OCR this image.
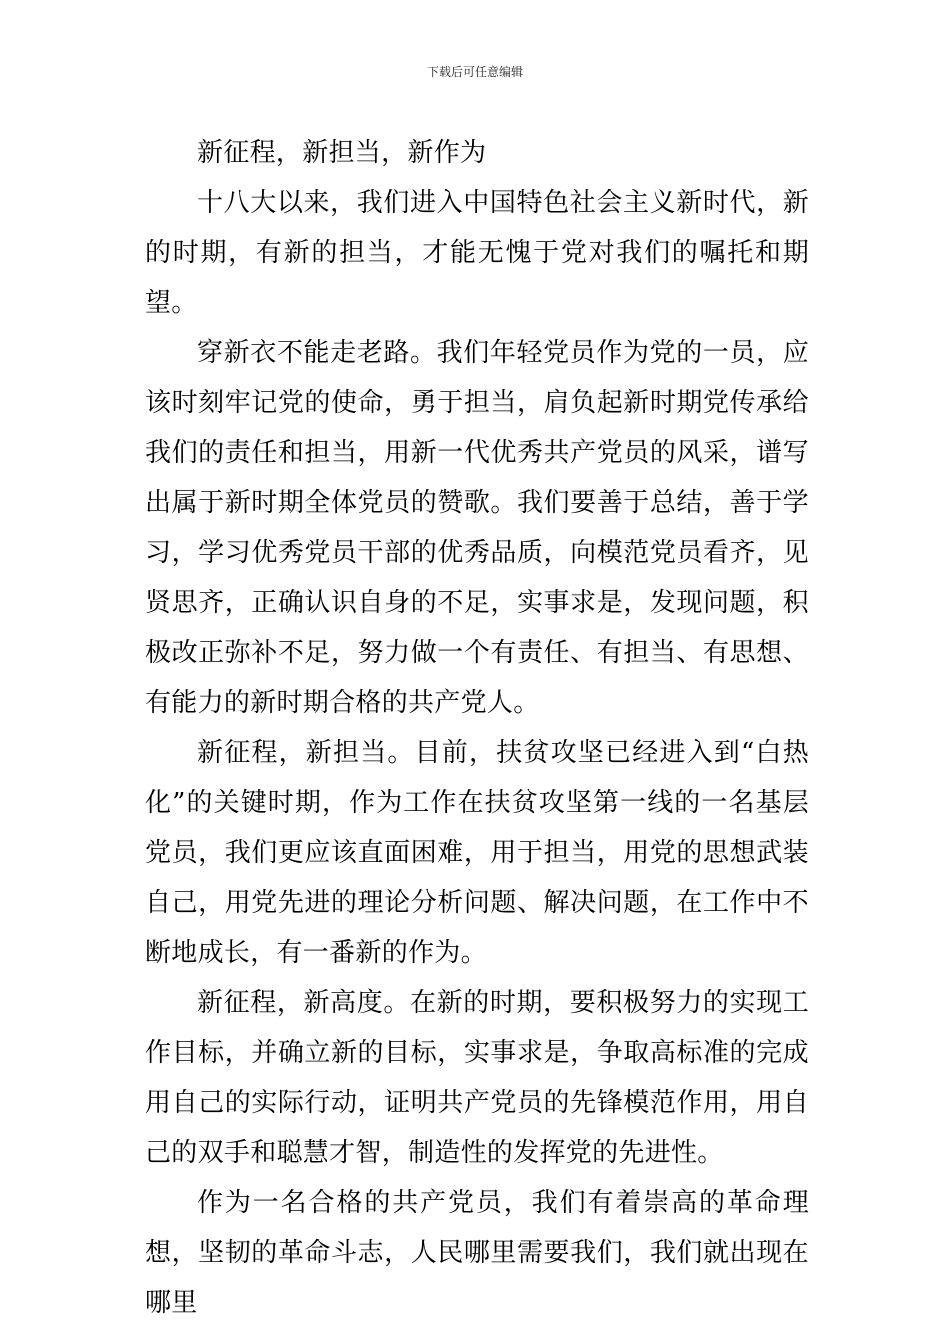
下载后可任意编辑

新征程，新担当，新作为

十八大以来，我们进入中国特色社会主义新时代，新的时期，有新的担当，才能无愧于党对我们的嘱托和期望。

穿新衣不能走老路。我们年轻党员作为党的一员，应该时刻牢记党的使命，勇于担当，肩负起新时期党传承给我们的责任和担当，用新一代优秀共产党员的风采，谱写出属于新时期全体党员的赞歌。我们要善于总结，善于学习，学习优秀党员干部的优秀品质，向模范党员看齐，见贤思齐，正确认识自身的不足，实事求是，发现问题，积极改正弥补不足，努力做一个有责任、有担当、有思想、有能力的新时期合格的共产党人。

新征程，新担当。目前，扶贫攻坚已经进入到“白热化”的关键时期，作为工作在扶贫攻坚第一线的一名基层党员，我们更应该直面困难，用于担当，用党的思想武装自己，用党先进的理论分析问题、解决问题，在工作中不断地成长，有一番新的作为。

新征程，新高度。在新的时期，要积极努力的实现工作目标，并确立新的目标，实事求是，争取高标准的完成用自己的实际行动，证明共产党员的先锋模范作用，用自己的双手和聪慧才智，制造性的发挥党的先进性。

作为一名合格的共产党员，我们有着崇高的革命理想，坚韧的革命斗志，人民哪里需要我们，我们就出现在哪里
